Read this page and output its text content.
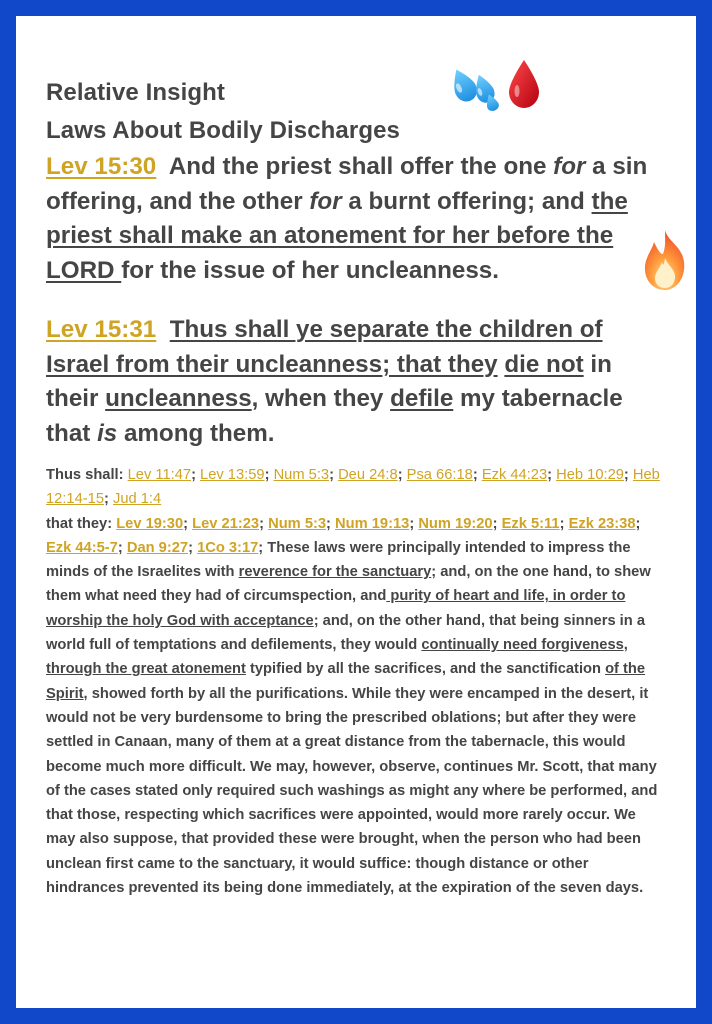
Relative Insight

Laws About Bodily Discharges

Lev 15:30 And the priest shall offer the one for a sin offering, and the other for a burnt offering; and the priest shall make an atonement for her before the LORD for the issue of her uncleanness.

Lev 15:31 Thus shall ye separate the children of Israel from their uncleanness; that they die not in their uncleanness, when they defile my tabernacle that is among them.

Thus shall: Lev 11:47; Lev 13:59; Num 5:3; Deu 24:8; Psa 66:18; Ezk 44:23; Heb 10:29; Heb 12:14-15; Jud 1:4

that they: Lev 19:30; Lev 21:23; Num 5:3; Num 19:13; Num 19:20; Ezk 5:11; Ezk 23:38; Ezk 44:5-7; Dan 9:27; 1Co 3:17; These laws were principally intended to impress the minds of the Israelites with reverence for the sanctuary; and, on the one hand, to shew them what need they had of circumspection, and purity of heart and life, in order to worship the holy God with acceptance; and, on the other hand, that being sinners in a world full of temptations and defilements, they would continually need forgiveness, through the great atonement typified by all the sacrifices, and the sanctification of the Spirit, showed forth by all the purifications. While they were encamped in the desert, it would not be very burdensome to bring the prescribed oblations; but after they were settled in Canaan, many of them at a great distance from the tabernacle, this would become much more difficult. We may, however, observe, continues Mr. Scott, that many of the cases stated only required such washings as might any where be performed, and that those, respecting which sacrifices were appointed, would more rarely occur. We may also suppose, that provided these were brought, when the person who had been unclean first came to the sanctuary, it would suffice: though distance or other hindrances prevented its being done immediately, at the expiration of the seven days.
